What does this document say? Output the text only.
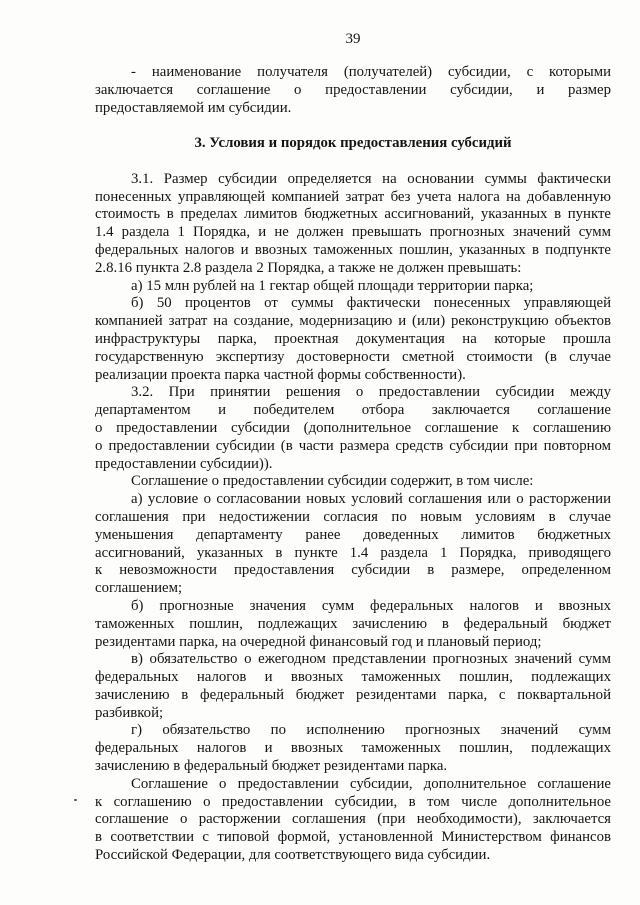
39
- наименование получателя (получателей) субсидии, с которыми
заключается соглашение о предоставлении субсидии, и размер
предоставляемой им субсидии.
3. Условия и порядок предоставления субсидий
3.1. Размер субсидии определяется на основании суммы фактически
понесенных управляющей компанией затрат без учета налога на добавленную
стоимость в пределах лимитов бюджетных ассигнований, указанных в пункте
1.4 раздела 1 Порядка, и не должен превышать прогнозных значений сумм
федеральных налогов и ввозных таможенных пошлин, указанных в подпункте
2.8.16 пункта 2.8 раздела 2 Порядка, а также не должен превышать:
а) 15 млн рублей на 1 гектар общей площади территории парка;
б) 50 процентов от суммы фактически понесенных управляющей
компанией затрат на создание, модернизацию и (или) реконструкцию объектов
инфраструктуры парка, проектная документация на которые прошла
государственную экспертизу достоверности сметной стоимости (в случае
реализации проекта парка частной формы собственности).
3.2. При принятии решения о предоставлении субсидии между
департаментом и победителем отбора заключается соглашение
о предоставлении субсидии (дополнительное соглашение к соглашению
о предоставлении субсидии (в части размера средств субсидии при повторном
предоставлении субсидии)).
Соглашение о предоставлении субсидии содержит, в том числе:
а) условие о согласовании новых условий соглашения или о расторжении
соглашения при недостижении согласия по новым условиям в случае
уменьшения департаменту ранее доведенных лимитов бюджетных
ассигнований, указанных в пункте 1.4 раздела 1 Порядка, приводящего
к невозможности предоставления субсидии в размере, определенном
соглашением;
б) прогнозные значения сумм федеральных налогов и ввозных
таможенных пошлин, подлежащих зачислению в федеральный бюджет
резидентами парка, на очередной финансовый год и плановый период;
в) обязательство о ежегодном представлении прогнозных значений сумм
федеральных налогов и ввозных таможенных пошлин, подлежащих
зачислению в федеральный бюджет резидентами парка, с поквартальной
разбивкой;
г) обязательство по исполнению прогнозных значений сумм
федеральных налогов и ввозных таможенных пошлин, подлежащих
зачислению в федеральный бюджет резидентами парка.
Соглашение о предоставлении субсидии, дополнительное соглашение
к соглашению о предоставлении субсидии, в том числе дополнительное
соглашение о расторжении соглашения (при необходимости), заключается
в соответствии с типовой формой, установленной Министерством финансов
Российской Федерации, для соответствующего вида субсидии.
